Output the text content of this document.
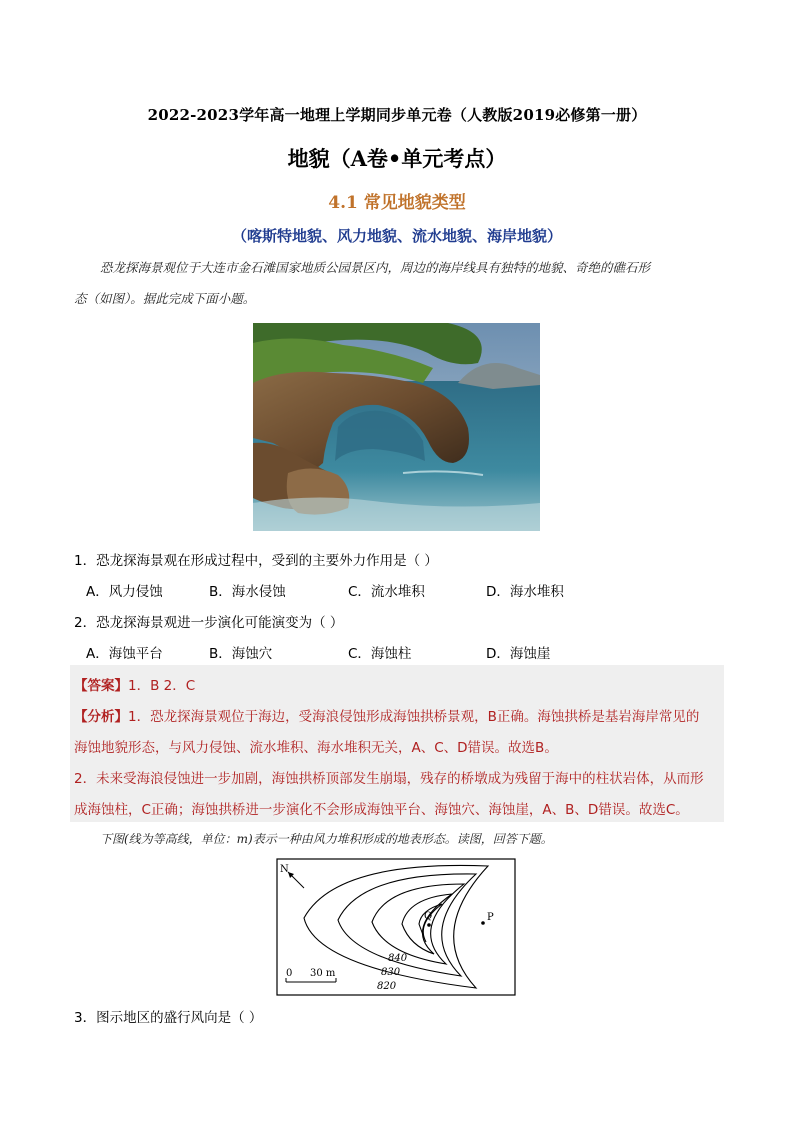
2022-2023学年高一地理上学期同步单元卷（人教版2019必修第一册）
地貌（A卷•单元考点）
4.1 常见地貌类型
（喀斯特地貌、风力地貌、流水地貌、海岸地貌）

恐龙探海景观位于大连市金石滩国家地质公园景区内，周边的海岸线具有独特的地貌、奇绝的礁石形

态（如图）。据此完成下面小题。
1．恐龙探海景观在形成过程中，受到的主要外力作用是（ ）
A．风力侵蚀	B．海水侵蚀	C．流水堆积	D．海水堆积
2．恐龙探海景观进一步演化可能演变为（ ）
A．海蚀平台	B．海蚀穴	C．海蚀柱	D．海蚀崖
【答案】1．B 2．C
【分析】1．恐龙探海景观位于海边，受海浪侵蚀形成海蚀拱桥景观，B正确。海蚀拱桥是基岩海岸常见的
海蚀地貌形态，与风力侵蚀、流水堆积、海水堆积无关，A、C、D错误。故选B。
2．未来受海浪侵蚀进一步加剧，海蚀拱桥顶部发生崩塌，残存的桥墩成为残留于海中的柱状岩体，从而形
成海蚀柱，C正确；海蚀拱桥进一步演化不会形成海蚀平台、海蚀穴、海蚀崖，A、B、D错误。故选C。
下图(线为等高线，单位：m)表示一种由风力堆积形成的地表形态。读图，回答下题。
N
Q	P
840
830
820
0 30 m
3．图示地区的盛行风向是（ ）
